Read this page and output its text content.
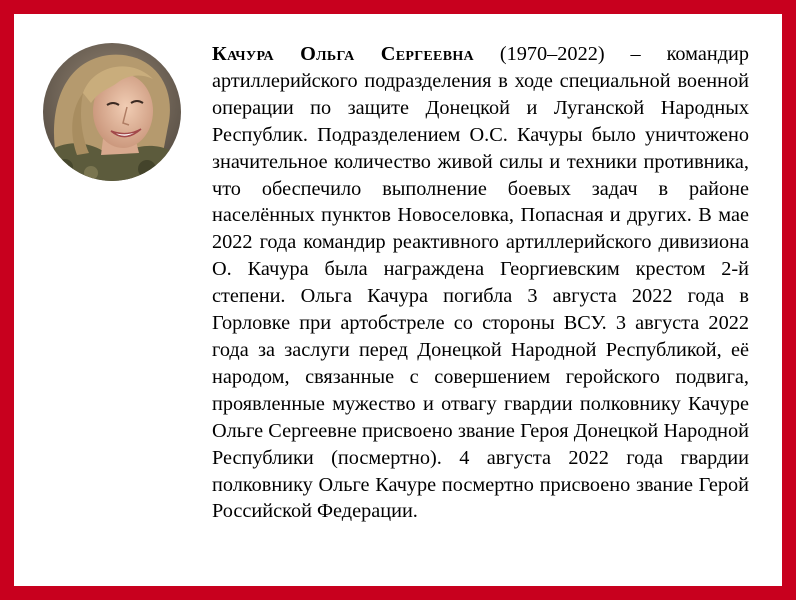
Качура Ольга Сергеевна (1970–2022) – командир артиллерийского подразделения в ходе специальной военной операции по защите Донецкой и Луганской Народных Республик. Подразделением О.С. Качуры было уничтожено значительное количество живой силы и техники противника, что обеспечило выполнение боевых задач в районе населённых пунктов Новоселовка, Попасная и других. В мае 2022 года командир реактивного артиллерийского дивизиона О. Качура была награждена Георгиевским крестом 2-й степени. Ольга Качура погибла 3 августа 2022 года в Горловке при артобстреле со стороны ВСУ. 3 августа 2022 года за заслуги перед Донецкой Народной Республикой, её народом, связанные с совершением геройского подвига, проявленные мужество и отвагу гвардии полковнику Качуре Ольге Сергеевне присвоено звание Героя Донецкой Народной Республики (посмертно). 4 августа 2022 года гвардии полковнику Ольге Качуре посмертно присвоено звание Герой Российской Федерации.
